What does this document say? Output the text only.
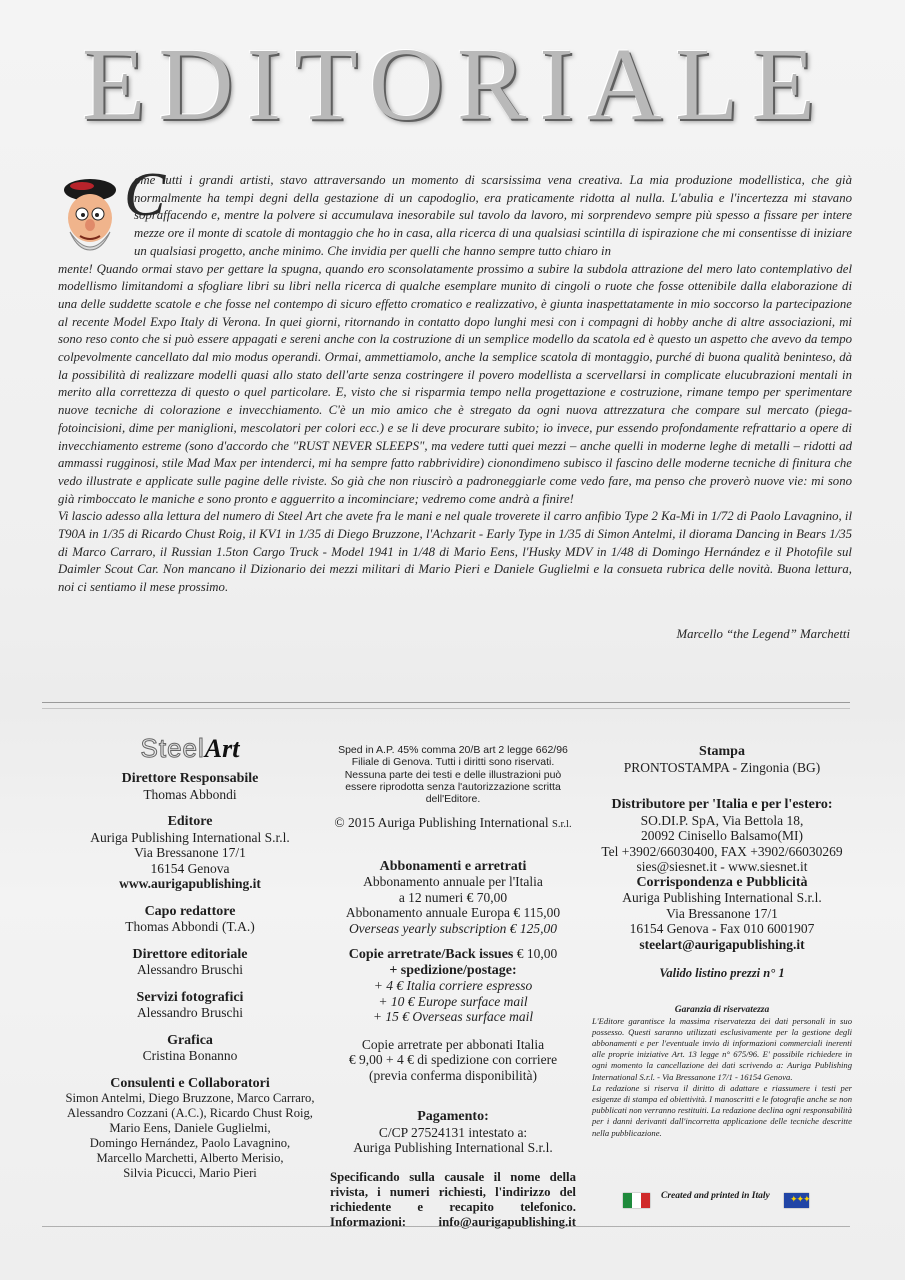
EDITORIALE
C

ome tutti i grandi artisti, stavo attraversando un momento di scarsissima vena creativa. La mia produzione modellistica, che già normalmente ha tempi degni della gestazione di un capodoglio, era praticamente ridotta al nulla. L'abulia e l'incertezza mi stavano sopraffacendo e, mentre la polvere si accumulava inesorabile sul tavolo da lavoro, mi sorprendevo sempre più spesso a fissare per intere mezze ore il monte di scatole di montaggio che ho in casa, alla ricerca di una qualsiasi scintilla di ispirazione che mi consentisse di iniziare un qualsiasi progetto, anche minimo. Che invidia per quelli che hanno sempre tutto chiaro in

mente! Quando ormai stavo per gettare la spugna, quando ero sconsolatamente prossimo a subire la subdola attrazione del mero lato contemplativo del modellismo limitandomi a sfogliare libri su libri nella ricerca di qualche esemplare munito di cingoli o ruote che fosse ottenibile dalla elaborazione di una delle suddette scatole e che fosse nel contempo di sicuro effetto cromatico e realizzativo, è giunta inaspettatamente in mio soccorso la partecipazione al recente Model Expo Italy di Verona. In quei giorni, ritornando in contatto dopo lunghi mesi con i compagni di hobby anche di altre associazioni, mi sono reso conto che si può essere appagati e sereni anche con la costruzione di un semplice modello da scatola ed è questo un aspetto che avevo da tempo colpevolmente cancellato dal mio modus operandi. Ormai, ammettiamolo, anche la semplice scatola di montaggio, purché di buona qualità beninteso, dà la possibilità di realizzare modelli quasi allo stato dell'arte senza costringere il povero modellista a scervellarsi in complicate elucubrazioni mentali in merito alla correttezza di questo o quel particolare. E, visto che si risparmia tempo nella progettazione e costruzione, rimane tempo per sperimentare nuove tecniche di colorazione e invecchiamento. C'è un mio amico che è stregato da ogni nuova attrezzatura che compare sul mercato (piega-fotoincisioni, dime per maniglioni, mescolatori per colori ecc.) e se li deve procurare subito; io invece, pur essendo profondamente refrattario a opere di invecchiamento estreme (sono d'accordo che "RUST NEVER SLEEPS", ma vedere tutti quei mezzi – anche quelli in moderne leghe di metalli – ridotti ad ammassi rugginosi, stile Mad Max per intenderci, mi ha sempre fatto rabbrividire) cionondimeno subisco il fascino delle moderne tecniche di finitura che vedo illustrate e applicate sulle pagine delle riviste. So già che non riuscirò a padroneggiarle come vedo fare, ma penso che proverò nuove vie: mi sono già rimboccato le maniche e sono pronto e agguerrito a incominciare; vedremo come andrà a finire!

Vi lascio adesso alla lettura del numero di Steel Art che avete fra le mani e nel quale troverete il carro anfibio Type 2 Ka-Mi in 1/72 di Paolo Lavagnino, il T90A in 1/35 di Ricardo Chust Roig, il KV1 in 1/35 di Diego Bruzzone, l'Achzarit - Early Type in 1/35 di Simon Antelmi, il diorama Dancing in Bears 1/35 di Marco Carraro, il Russian 1.5ton Cargo Truck - Model 1941 in 1/48 di Mario Eens, l'Husky MDV in 1/48 di Domingo Hernández e il Photofile sul Daimler Scout Car. Non mancano il Dizionario dei mezzi militari di Mario Pieri e Daniele Guglielmi e la consueta rubrica delle novità. Buona lettura, noi ci sentiamo il mese prossimo.

Marcello “the Legend” Marchetti
SteelArt
Direttore Responsabile
Thomas Abbondi
Editore
Auriga Publishing International S.r.l.
Via Bressanone 17/1
16154 Genova
www.aurigapublishing.it
Capo redattore
Thomas Abbondi (T.A.)
Direttore editoriale
Alessandro Bruschi
Servizi fotografici
Alessandro Bruschi
Grafica
Cristina Bonanno
Consulenti e Collaboratori
Simon Antelmi, Diego Bruzzone, Marco Carraro,
Alessandro Cozzani (A.C.), Ricardo Chust Roig,
Mario Eens, Daniele Guglielmi,
Domingo Hernández, Paolo Lavagnino,
Marcello Marchetti, Alberto Merisio,
Silvia Picucci, Mario Pieri
Sped in A.P. 45% comma 20/B art 2 legge 662/96
Filiale di Genova. Tutti i diritti sono riservati.
Nessuna parte dei testi e delle illustrazioni può
essere riprodotta senza l'autorizzazione scritta
dell'Editore.
© 2015 Auriga Publishing International S.r.l.
Abbonamenti e arretrati
Abbonamento annuale per l'Italia
a 12 numeri € 70,00
Abbonamento annuale Europa € 115,00
Overseas yearly subscription € 125,00
Copie arretrate/Back issues € 10,00
+ spedizione/postage:
+ 4 € Italia corriere espresso
+ 10 € Europe surface mail
+ 15 € Overseas surface mail
Copie arretrate per abbonati Italia
€ 9,00 + 4 € di spedizione con corriere
(previa conferma disponibilità)
Pagamento:
C/CP 27524131 intestato a:
Auriga Publishing International S.r.l.
Specificando sulla causale il nome della rivista, i numeri richiesti, l'indirizzo del richiedente e recapito telefonico. Informazioni: info@aurigapublishing.it
Stampa
PRONTOSTAMPA - Zingonia (BG)
Distributore per 'Italia e per l'estero:
SO.DI.P. SpA, Via Bettola 18,
20092 Cinisello Balsamo(MI)
Tel +3902/66030400, FAX +3902/66030269
sies@siesnet.it - www.siesnet.it
Corrispondenza e Pubblicità
Auriga Publishing International S.r.l.
Via Bressanone 17/1
16154 Genova - Fax 010 6001907
steelart@aurigapublishing.it
Valido listino prezzi n° 1
Garanzia di riservatezza
L'Editore garantisce la massima riservatezza dei dati personali in suo possesso. Questi saranno utilizzati esclusivamente per la gestione degli abbonamenti e per l'eventuale invio di informazioni commerciali inerenti alle proprie iniziative Art. 13 legge n° 675/96. E' possibile richiedere in ogni momento la cancellazione dei dati scrivendo a: Auriga Publishing International S.r.l. - Via Bressanone 17/1 - 16154 Genova.
La redazione si riserva il diritto di adattare e riassumere i testi per esigenze di stampa ed obiettività. I manoscritti e le fotografie anche se non pubblicati non verranno restituiti. La redazione declina ogni responsabilità per i danni derivanti dall'incorretta applicazione delle tecniche descritte nella pubblicazione.
Created and printed in Italy ✦✦✦
